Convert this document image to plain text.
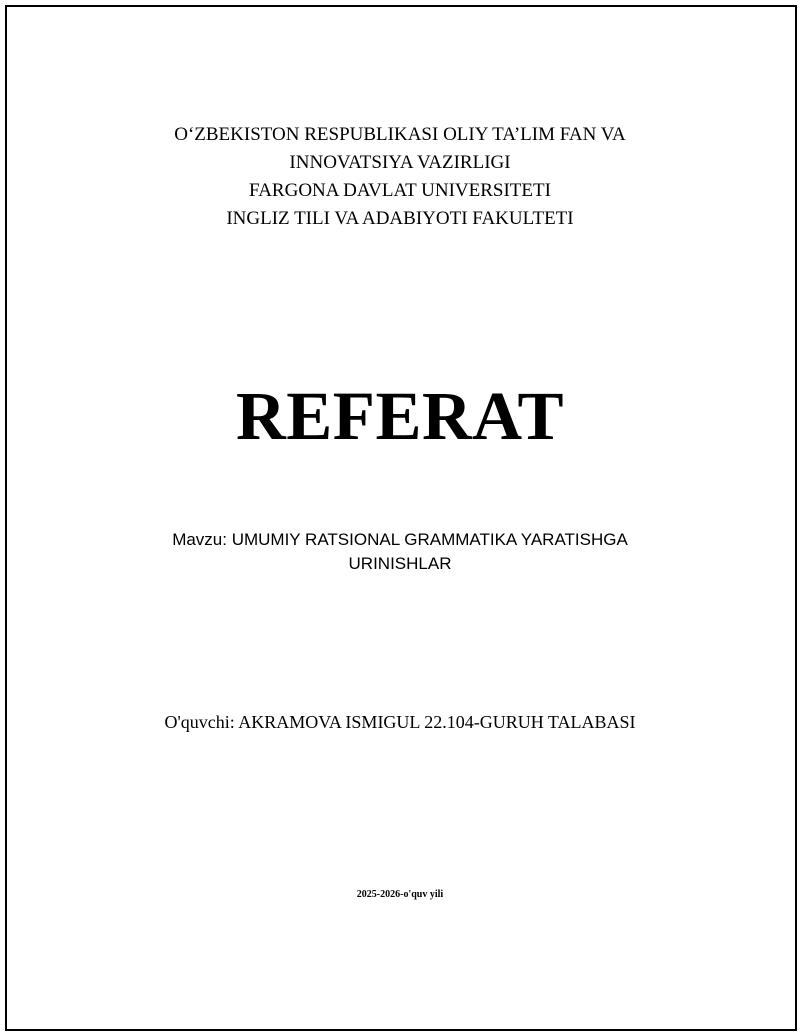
O‘ZBEKISTON RESPUBLIKASI OLIY TA’LIM FAN VA
INNOVATSIYA VAZIRLIGI
FARGONA DAVLAT UNIVERSITETI
INGLIZ TILI VA ADABIYOTI FAKULTETI
REFERAT
Mavzu: UMUMIY RATSIONAL GRAMMATIKA YARATISHGA
URINISHLAR
O'quvchi: AKRAMOVA ISMIGUL 22.104-GURUH TALABASI
2025-2026-o'quv yili
